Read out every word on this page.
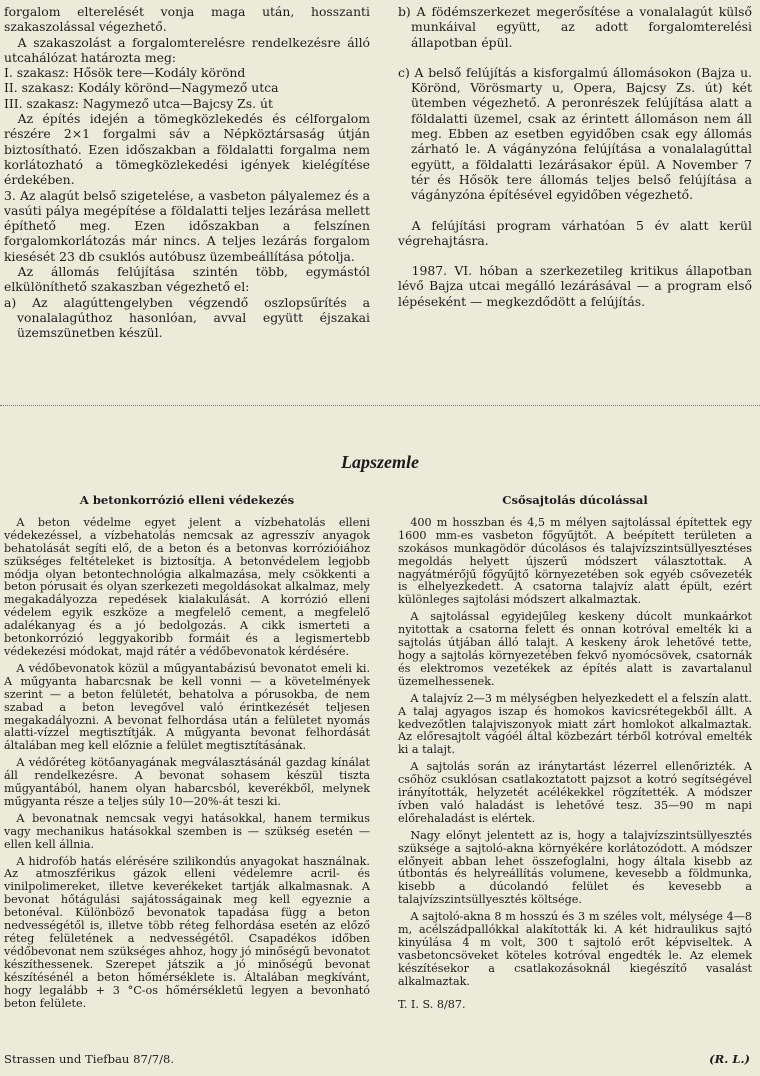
forgalom elterelését vonja maga után, hosszanti szakaszolással végezhető.

A szakaszolást a forgalomterelésre rendelkezésre álló utcahálózat határozta meg:

I. szakasz: Hősök tere—Kodály körönd

II. szakasz: Kodály körönd—Nagymező utca

III. szakasz: Nagymező utca—Bajcsy Zs. út

Az építés idején a tömegközlekedés és célforgalom részére 2×1 forgalmi sáv a Népköztársaság útján biztosítható. Ezen időszakban a földalatti forgalma nem korlátozható a tömegközlekedési igények kielégítése érdekében.

3. Az alagút belső szigetelése, a vasbeton pályalemez és a vasúti pálya megépítése a földalatti teljes lezárása mellett építhető meg. Ezen időszakban a felszínen forgalomkorlátozás már nincs. A teljes lezárás forgalom kiesését 23 db csuklós autóbusz üzembeállítása pótolja.

Az állomás felújítása szintén több, egymástól elkülöníthető szakaszban végezhető el:

a) Az alagúttengelyben végzendő oszlopsűrítés a vonalalagúthoz hasonlóan, avval együtt éjszakai üzemszünetben készül.

b) A födémszerkezet megerősítése a vonalalagút külső munkáival együtt, az adott forgalomterelési állapotban épül.

c) A belső felújítás a kisforgalmú állomásokon (Bajza u. Körönd, Vörösmarty u, Opera, Bajcsy Zs. út) két ütemben végezhető. A peronrészek felújítása alatt a földalatti üzemel, csak az érintett állomáson nem áll meg. Ebben az esetben egyidőben csak egy állomás zárható le. A vágányzóna felújítása a vonalalagúttal együtt, a földalatti lezárásakor épül. A November 7 tér és Hősök tere állomás teljes belső felújítása a vágányzóna építésével egyidőben végezhető.

A felújítási program várhatóan 5 év alatt kerül végrehajtásra.

1987. VI. hóban a szerkezetileg kritikus állapotban lévő Bajza utcai megálló lezárásával — a program első lépéseként — megkezdődött a felújítás.

Lapszemle

A betonkorrózió elleni védekezés

A beton védelme egyet jelent a vízbehatolás elleni védekezéssel, a vízbehatolás nemcsak az agresszív anyagok behatolását segíti elő, de a beton és a betonvas korrózióiához szükséges feltételeket is biztosítja. A betonvédelem legjobb módja olyan betontechnológia alkalmazása, mely csökkenti a beton pórusait és olyan szerkezeti megoldásokat alkalmaz, mely megakadályozza repedések kialakulását. A korrózió elleni védelem egyik eszköze a megfelelő cement, a megfelelő adalékanyag és a jó bedolgozás. A cikk ismerteti a betonkorrózió leggyakoribb formáit és a legismertebb védekezési módokat, majd rátér a védőbevonatok kérdésére.

A védőbevonatok közül a műgyantabázisú bevonatot emeli ki. A műgyanta habarcsnak be kell vonni — a követelmények szerint — a beton felületét, behatolva a pórusokba, de nem szabad a beton levegővel való érintkezését teljesen megakadályozni. A bevonat felhordása után a felületet nyomás alatti-vízzel megtisztítják. A műgyanta bevonat felhordását általában meg kell előznie a felület megtisztításának.

A védőréteg kötőanyagának megválasztásánál gazdag kínálat áll rendelkezésre. A bevonat sohasem készül tiszta műgyantából, hanem olyan habarcsból, keverékből, melynek műgyanta része a teljes súly 10—20%-át teszi ki.

A bevonatnak nemcsak vegyi hatásokkal, hanem termikus vagy mechanikus hatásokkal szemben is — szükség esetén — ellen kell állnia.

A hidrofób hatás elérésére szilikondús anyagokat használnak. Az atmoszférikus gázok elleni védelemre acril- és vinilpolimereket, illetve keverékeket tartják alkalmasnak. A bevonat hőtágulási sajátosságainak meg kell egyeznie a betonéval. Különböző bevonatok tapadása függ a beton nedvességétől is, illetve több réteg felhordása esetén az előző réteg felületének a nedvességétől. Csapadékos időben védőbevonat nem szükséges ahhoz, hogy jó minőségű bevonatot készíthessenek. Szerepet játszik a jó minőségű bevonat készítésénél a beton hőmérséklete is. Általában megkívánt, hogy legalább + 3 °C-os hőmérsékletű legyen a bevonható beton felülete.

Csősajtolás dúcolással

400 m hosszban és 4,5 m mélyen sajtolással építettek egy 1600 mm-es vasbeton főgyűjtőt. A beépített területen a szokásos munkagödör dúcolásos és talajvízszintsüllyesztéses megoldás helyett újszerű módszert választottak. A nagyátmérőjű főgyűjtő környezetében sok egyéb csővezeték is elhelyezkedett. A csatorna talajvíz alatt épült, ezért különleges sajtolási módszert alkalmaztak.

A sajtolással egyidejűleg keskeny dúcolt munkaárkot nyitottak a csatorna felett és onnan kotróval emelték ki a sajtolás útjában álló talajt. A keskeny árok lehetővé tette, hogy a sajtolás környezetében fekvő nyomócsövek, csatornák és elektromos vezetékek az építés alatt is zavartalanul üzemelhessenek.

A talajvíz 2—3 m mélységben helyezkedett el a felszín alatt. A talaj agyagos iszap és homokos kavicsrétegekből állt. A kedvezőtlen talajviszonyok miatt zárt homlokot alkalmaztak. Az előresajtolt vágóél által közbezárt térből kotróval emelték ki a talajt.

A sajtolás során az iránytartást lézerrel ellenőrizték. A csőhöz csuklósan csatlakoztatott pajzsot a kotró segítségével irányították, helyzetét acélékekkel rögzítették. A módszer ívben való haladást is lehetővé tesz. 35—90 m napi előrehaladást is elértek.

Nagy előnyt jelentett az is, hogy a talajvízszintsüllyesztés szüksége a sajtoló-akna környékére korlátozódott. A módszer előnyeit abban lehet összefoglalni, hogy általa kisebb az útbontás és helyreállítás volumene, kevesebb a földmunka, kisebb a dúcolandó felület és kevesebb a talajvízszintsüllyesztés költsége.

A sajtoló-akna 8 m hosszú és 3 m széles volt, mélysége 4—8 m, acélszádpallókkal alakították ki. A két hidraulikus sajtó kinyúlása 4 m volt, 300 t sajtoló erőt képviseltek. A vasbetoncsöveket köteles kotróval engedték le. Az elemek készítésekor a csatlakozásoknál kiegészítő vasalást alkalmaztak.

T. I. S. 8/87.

Strassen und Tiefbau 87/7/8.	(R. L.)
